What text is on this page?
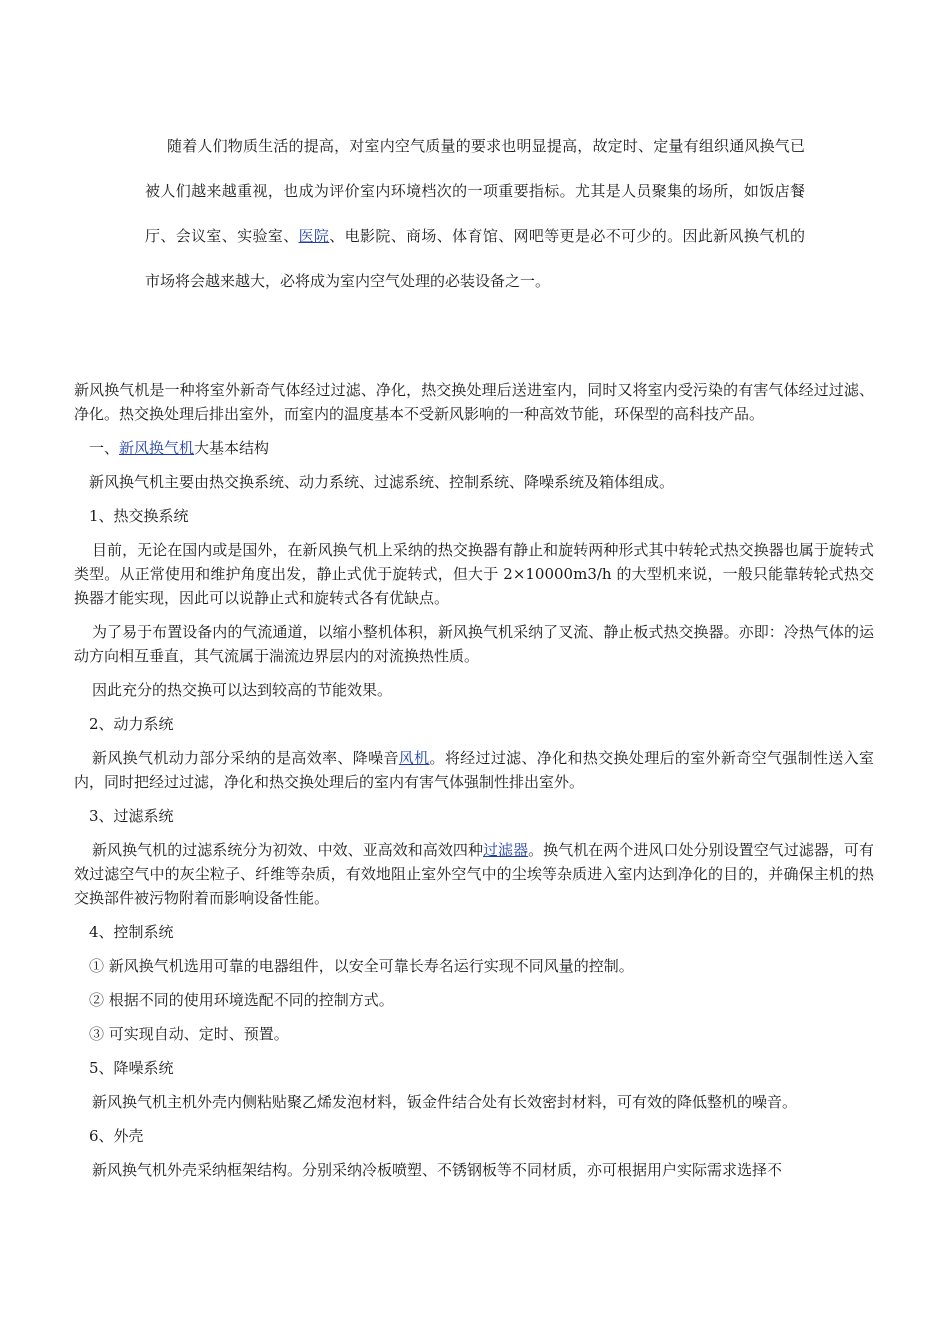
随着人们物质生活的提高，对室内空气质量的要求也明显提高，故定时、定量有组织通风换气已被人们越来越重视，也成为评价室内环境档次的一项重要指标。尤其是人员聚集的场所，如饭店餐厅、会议室、实验室、医院、电影院、商场、体育馆、网吧等更是必不可少的。因此新风换气机的市场将会越来越大，必将成为室内空气处理的必装设备之一。

新风换气机是一种将室外新奇气体经过过滤、净化，热交换处理后送进室内，同时又将室内受污染的有害气体经过过滤、净化。热交换处理后排出室外，而室内的温度基本不受新风影响的一种高效节能，环保型的高科技产品。

一、新风换气机大基本结构

新风换气机主要由热交换系统、动力系统、过滤系统、控制系统、降噪系统及箱体组成。

1、热交换系统

目前，无论在国内或是国外，在新风换气机上采纳的热交换器有静止和旋转两种形式其中转轮式热交换器也属于旋转式类型。从正常使用和维护角度出发，静止式优于旋转式，但大于 2×10000m3/h 的大型机来说，一般只能靠转轮式热交换器才能实现，因此可以说静止式和旋转式各有优缺点。

为了易于布置设备内的气流通道，以缩小整机体积，新风换气机采纳了叉流、静止板式热交换器。亦即：冷热气体的运动方向相互垂直，其气流属于湍流边界层内的对流换热性质。

因此充分的热交换可以达到较高的节能效果。

2、动力系统

新风换气机动力部分采纳的是高效率、降噪音风机。将经过过滤、净化和热交换处理后的室外新奇空气强制性送入室内，同时把经过过滤，净化和热交换处理后的室内有害气体强制性排出室外。

3、过滤系统

新风换气机的过滤系统分为初效、中效、亚高效和高效四种过滤器。换气机在两个进风口处分别设置空气过滤器，可有效过滤空气中的灰尘粒子、纤维等杂质，有效地阻止室外空气中的尘埃等杂质进入室内达到净化的目的，并确保主机的热交换部件被污物附着而影响设备性能。

4、控制系统

① 新风换气机选用可靠的电器组件，以安全可靠长寿名运行实现不同风量的控制。

② 根据不同的使用环境选配不同的控制方式。

③ 可实现自动、定时、预置。

5、降噪系统

新风换气机主机外壳内侧粘贴聚乙烯发泡材料，钣金件结合处有长效密封材料，可有效的降低整机的噪音。

6、外壳

新风换气机外壳采纳框架结构。分别采纳冷板喷塑、不锈钢板等不同材质，亦可根据用户实际需求选择不
